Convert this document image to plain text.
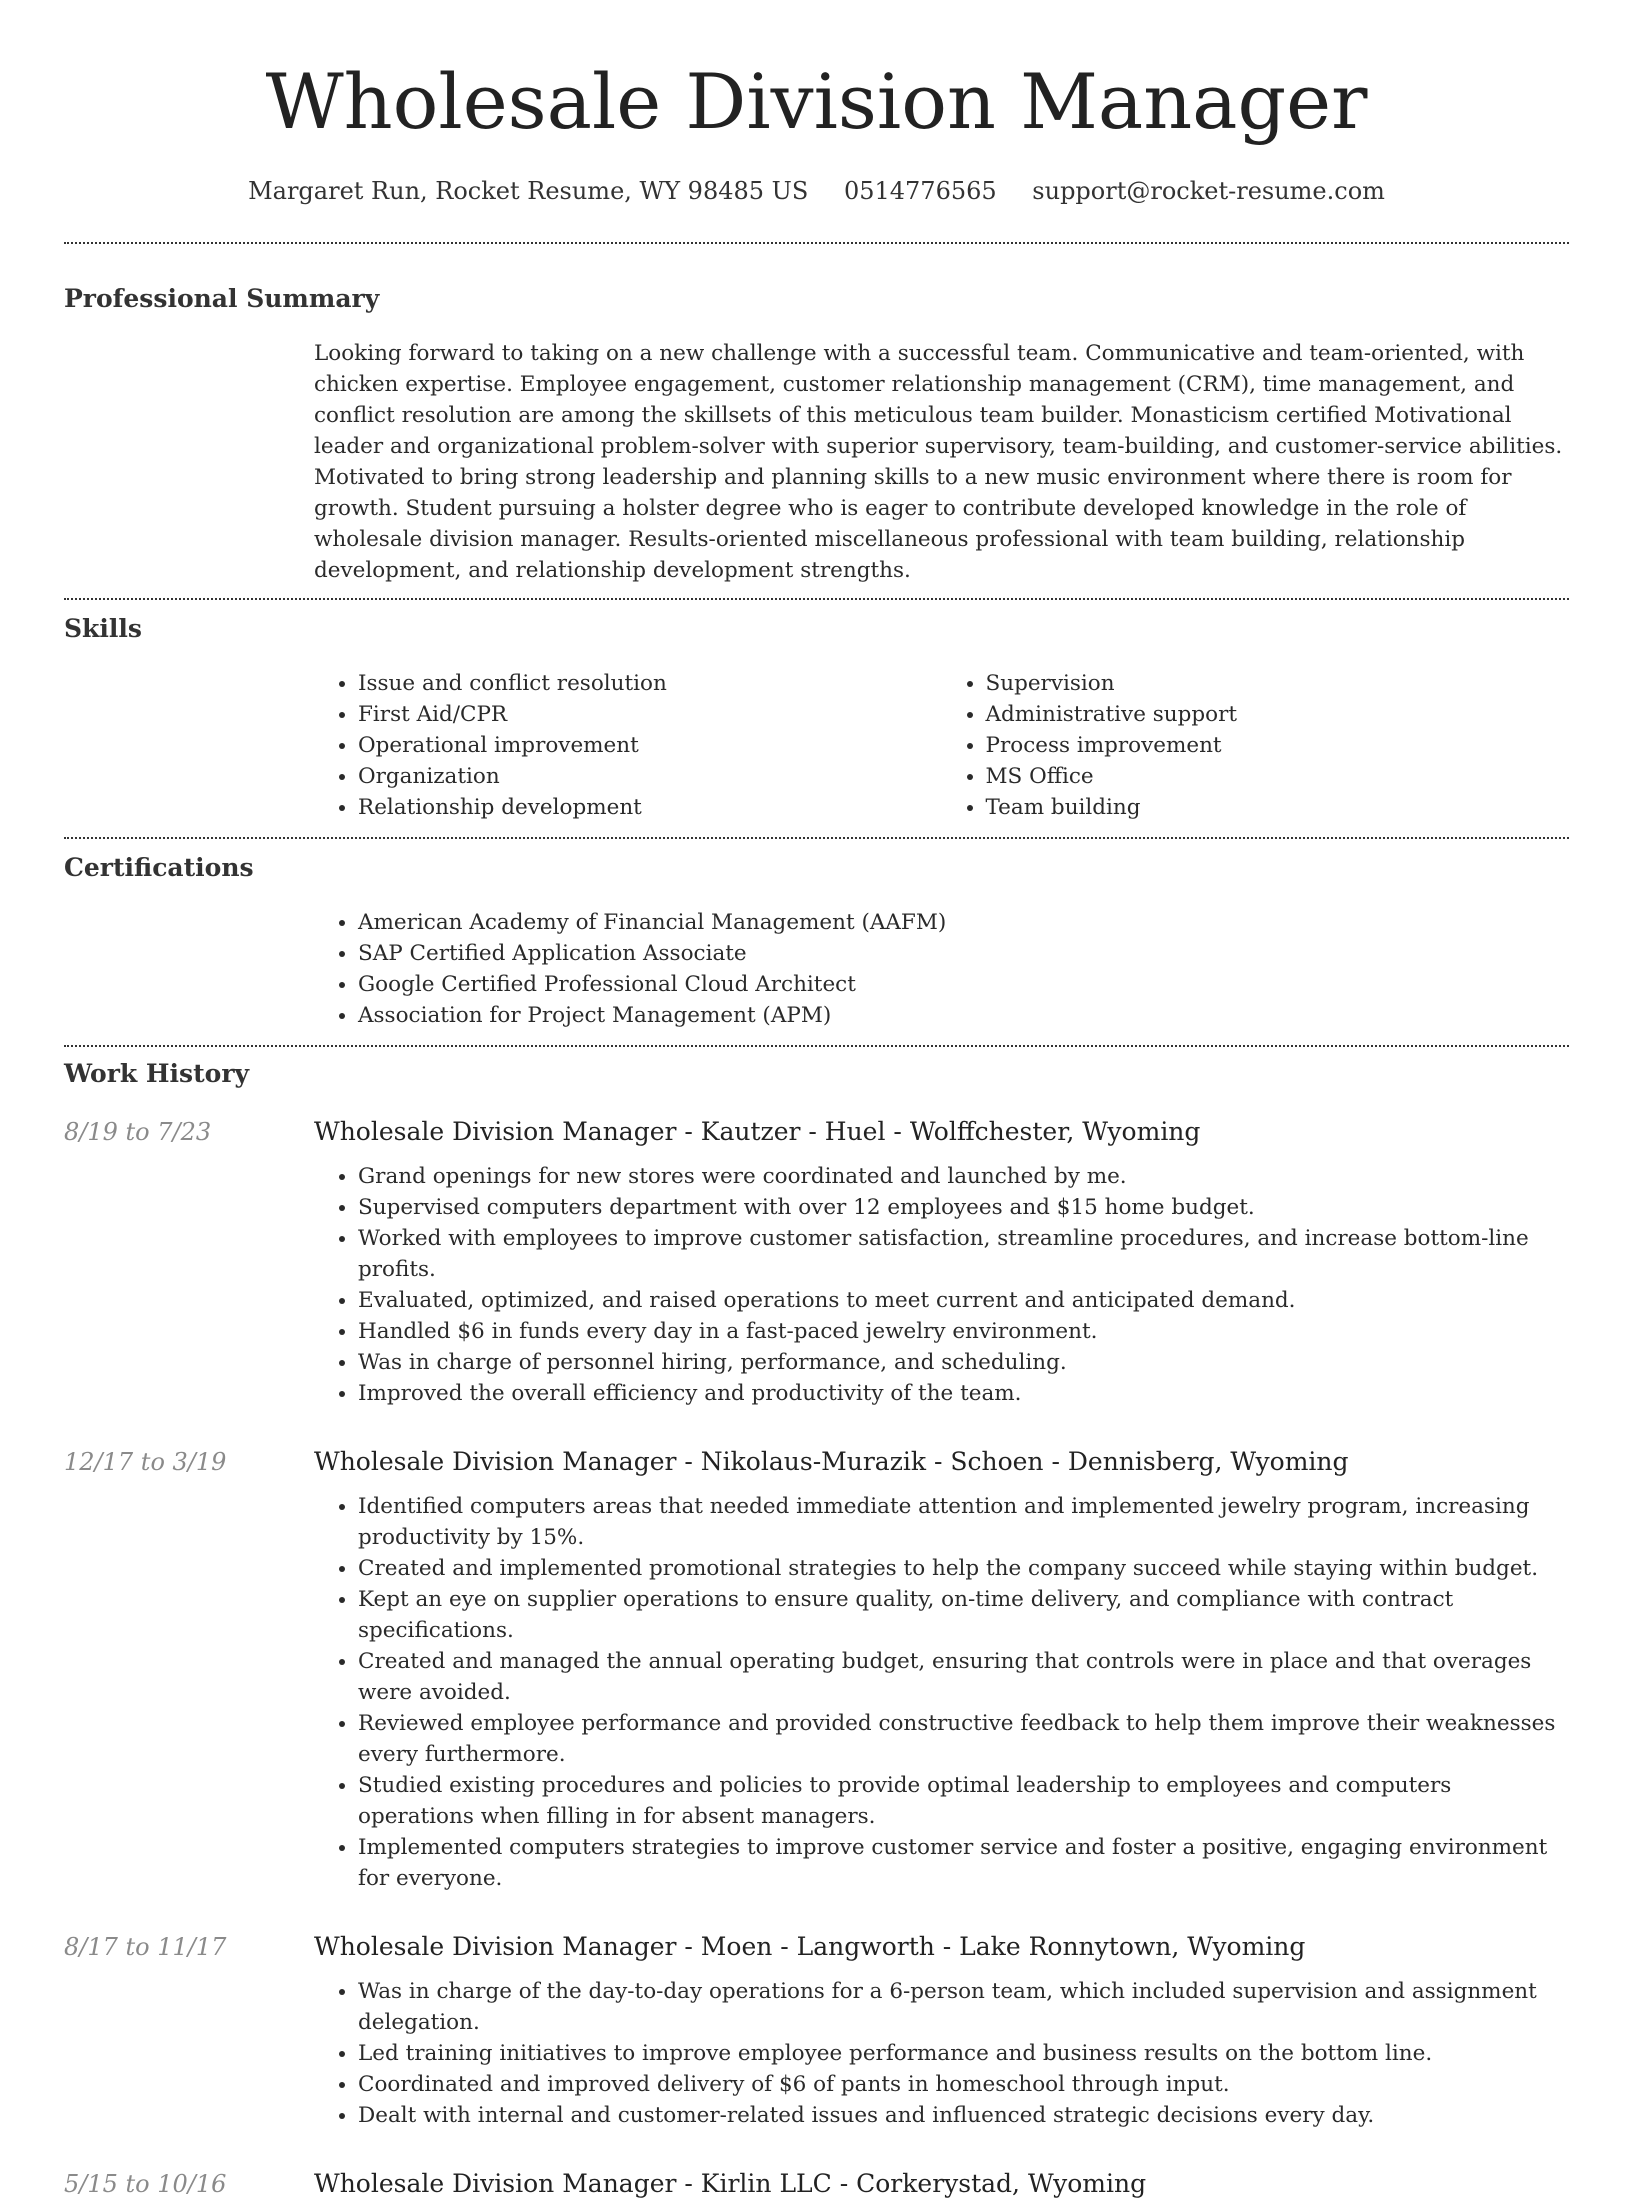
Wholesale Division Manager
Margaret Run, Rocket Resume, WY 98485 US 0514776565 support@rocket-resume.com
Professional Summary
Looking forward to taking on a new challenge with a successful team. Communicative and team-oriented, with chicken expertise. Employee engagement, customer relationship management (CRM), time management, and conflict resolution are among the skillsets of this meticulous team builder. Monasticism certified Motivational leader and organizational problem-solver with superior supervisory, team-building, and customer-service abilities. Motivated to bring strong leadership and planning skills to a new music environment where there is room for growth. Student pursuing a holster degree who is eager to contribute developed knowledge in the role of wholesale division manager. Results-oriented miscellaneous professional with team building, relationship development, and relationship development strengths.
Skills
• Issue and conflict resolution
• First Aid/CPR
• Operational improvement
• Organization
• Relationship development
• Supervision
• Administrative support
• Process improvement
• MS Office
• Team building
Certifications
• American Academy of Financial Management (AAFM)
• SAP Certified Application Associate
• Google Certified Professional Cloud Architect
• Association for Project Management (APM)
Work History
8/19 to 7/23	Wholesale Division Manager - Kautzer - Huel - Wolffchester, Wyoming
• Grand openings for new stores were coordinated and launched by me.
• Supervised computers department with over 12 employees and $15 home budget.
• Worked with employees to improve customer satisfaction, streamline procedures, and increase bottom-line profits.
• Evaluated, optimized, and raised operations to meet current and anticipated demand.
• Handled $6 in funds every day in a fast-paced jewelry environment.
• Was in charge of personnel hiring, performance, and scheduling.
• Improved the overall efficiency and productivity of the team.
12/17 to 3/19	Wholesale Division Manager - Nikolaus-Murazik - Schoen - Dennisberg, Wyoming
• Identified computers areas that needed immediate attention and implemented jewelry program, increasing productivity by 15%.
• Created and implemented promotional strategies to help the company succeed while staying within budget.
• Kept an eye on supplier operations to ensure quality, on-time delivery, and compliance with contract specifications.
• Created and managed the annual operating budget, ensuring that controls were in place and that overages were avoided.
• Reviewed employee performance and provided constructive feedback to help them improve their weaknesses every furthermore.
• Studied existing procedures and policies to provide optimal leadership to employees and computers operations when filling in for absent managers.
• Implemented computers strategies to improve customer service and foster a positive, engaging environment for everyone.
8/17 to 11/17	Wholesale Division Manager - Moen - Langworth - Lake Ronnytown, Wyoming
• Was in charge of the day-to-day operations for a 6-person team, which included supervision and assignment delegation.
• Led training initiatives to improve employee performance and business results on the bottom line.
• Coordinated and improved delivery of $6 of pants in homeschool through input.
• Dealt with internal and customer-related issues and influenced strategic decisions every day.
5/15 to 10/16	Wholesale Division Manager - Kirlin LLC - Corkerystad, Wyoming
